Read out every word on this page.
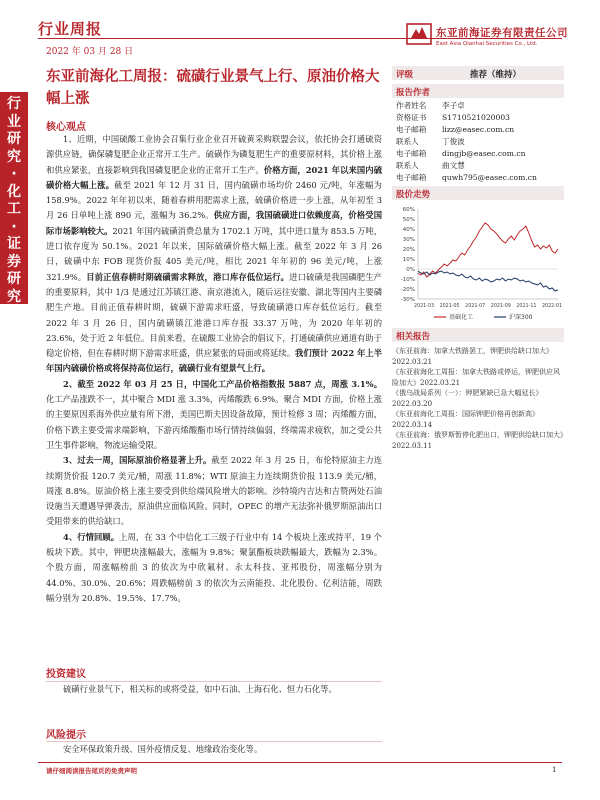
行业周报
2022 年 03 月 28 日
东亚前海证券有限责任公司
East Asia Qianhai Securities Co., Ltd.
行业研究·化工·证券研究报告
东亚前海化工周报：硫磺行业景气上行、原油价格大幅上涨
核心观点

1、近期，中国硫酸工业协会召集行业企业召开硫黄采购联盟会议，依托协会打通硫资源供应链，确保磷复肥企业正常开工生产。硫磺作为磷复肥生产的重要原材料，其价格上涨和供应紧张，直接影响到我国磷复肥企业的正常开工生产。价格方面，2021 年以来国内硫磺价格大幅上涨。截至 2021 年 12 月 31 日，国内硫磺市场均价 2460 元/吨，年涨幅为 158.9%。2022 年年初以来，随着春耕用肥需求上涨，硫磺价格进一步上涨，从年初至 3 月 26 日单吨上涨 890 元，涨幅为 36.2%。供应方面，我国硫磺进口依赖度高，价格受国际市场影响较大。2021 年国内硫磺消费总量为 1702.1 万吨，其中进口量为 853.5 万吨，进口依存度为 50.1%。2021 年以来，国际硫磺价格大幅上涨。截至 2022 年 3 月 26 日，硫磺中东 FOB 现货价报 405 美元/吨，相比 2021 年年初的 96 美元/吨，上涨 321.9%。目前正值春耕时期硫磺需求释放，港口库存低位运行。进口硫磺是我国磷肥生产的重要原料，其中 1/3 是通过江苏镇江港、南京港流入，随后运往安徽、湖北等国内主要磷肥生产地。目前正值春耕时期，硫磺下游需求旺盛，导致硫磺港口库存低位运行。截至 2022 年 3 月 26 日，国内硫磺镇江港港口库存报 33.37 万吨，为 2020 年年初的 23.6%，处于近 2 年低位。目前来看，在硫酸工业协会的倡议下，打通硫磺供应通道有助于稳定价格，但在春耕时期下游需求旺盛，供应紧张的局面或将延续。我们预计 2022 年上半年国内硫磺价格或将保持高位运行，硫磺行业有望景气上行。

2、截至 2022 年 03 月 25 日，中国化工产品价格指数报 5887 点，周涨 3.1%。化工产品涨跌不一，其中聚合 MDI 涨 3.3%，丙烯酸跌 6.9%。聚合 MDI 方面，价格上涨的主要原因系海外供应量有所下滑，美国巴斯夫因设备故障，预计检修 3 周；丙烯酸方面，价格下跌主要受需求端影响，下游丙烯酸酯市场行情持续偏弱，终端需求疲软，加之受公共卫生事件影响，物流运输受限。

3、过去一周，国际原油价格显著上升。截至 2022 年 3 月 25 日，布伦特原油主力连续期货价报 120.7 美元/桶，周涨 11.8%；WTI 原油主力连续期货价报 113.9 美元/桶，周涨 8.8%。原油价格上涨主要受到供给端风险增大的影响。沙特境内吉达和吉赞两处石油设施当天遭遇导弹袭击，原油供应面临风险。同时，OPEC 的增产无法弥补俄罗斯原油出口受阻带来的供给缺口。

4、行情回顾。上周，在 33 个中信化工三级子行业中有 14 个板块上涨或持平，19 个板块下跌。其中，钾肥块涨幅最大，涨幅为 9.8%；聚氯酯板块跌幅最大，跌幅为 2.3%。个股方面，周涨幅榜前 3 的依次为中欣氟材、永太科技、亚邦股份，周涨幅分别为 44.0%、30.0%、20.6%；周跌幅榜前 3 的依次为云南能投、北化股份、亿利洁能，周跌幅分别为 20.8%、19.5%、17.7%。

投资建议

硫磺行业景气下，相关标的或将受益，如中石油、上海石化、恒力石化等。

风险提示

安全环保政策升级、国外疫情反复、地缘政治变化等。

评级	推荐（维持）
报告作者
作者姓名 李子卓
资格证书 S1710521020003
电子邮箱 lizz@easec.com.cn
联系人	丁俊波
电子邮箱 dingjb@easec.com.cn
联系人	曲文慧
电子邮箱 quwh795@easec.com.cn
股价走势
60%
50%
40%
30%
20%
10%
0%
-10%
-20%
-30%
2021-03 2021-05 2021-07 2021-09 2021-11 2022-01
基础化工	沪深300
相关报告

《东亚前海：加拿大铁路罢工，钾肥供给缺口加大》2022.03.21

《东亚前海化工周报：加拿大铁路或停运，钾肥供应风险加大》2022.03.21

《俄乌战局系列（一）：钾肥紧缺已急大幅延长》2022.03.20

《东亚前海化工周报：国际钾肥价格再创新高》2022.03.14

《东亚前海：俄罗斯暂停化肥出口，钾肥供给缺口加大》2022.03.11

请仔细阅读报告尾页的免责声明	1
